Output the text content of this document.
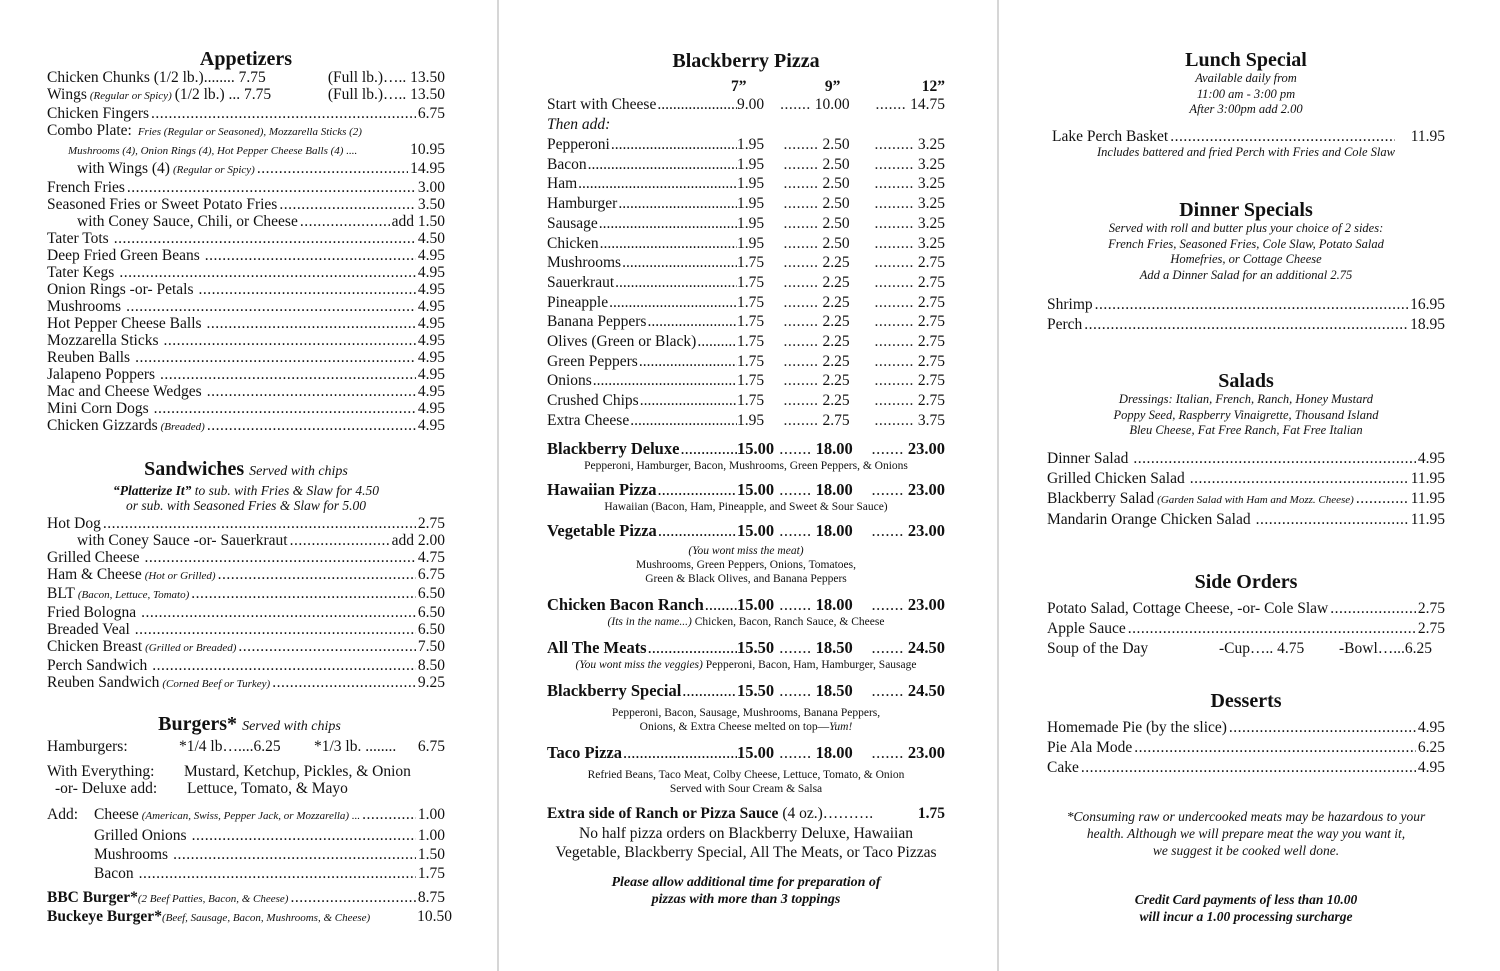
Appetizers
Chicken Chunks (1/2 lb.)........ 7.75	(Full lb.)….. 13.50
Wings (Regular or Spicy) (1/2 lb.) ... 7.75	(Full lb.)….. 13.50
Chicken Fingers .....	6.75
Combo Plate: Fries (Regular or Seasoned), Mozzarella Sticks (2)
Mushrooms (4), Onion Rings (4), Hot Pepper Cheese Balls (4) ....	10.95
with Wings (4) (Regular or Spicy) .....	14.95
French Fries .....	3.00
Seasoned Fries or Sweet Potato Fries .....	3.50
with Coney Sauce, Chili, or Cheese .....	add 1.50
Tater Tots .....	4.50
Deep Fried Green Beans .....	4.95
Tater Kegs .....	4.95
Onion Rings -or- Petals .....	4.95
Mushrooms .....	4.95
Hot Pepper Cheese Balls .....	4.95
Mozzarella Sticks .....	4.95
Reuben Balls .....	4.95
Jalapeno Poppers .....	4.95
Mac and Cheese Wedges .....	4.95
Mini Corn Dogs .....	4.95
Chicken Gizzards (Breaded) .....	4.95
Sandwiches Served with chips
“Platterize It” to sub. with Fries & Slaw for 4.50
or sub. with Seasoned Fries & Slaw for 5.00
Hot Dog .....	2.75
with Coney Sauce -or- Sauerkraut .....	add 2.00
Grilled Cheese .....	4.75
Ham & Cheese (Hot or Grilled) .....	6.75
BLT (Bacon, Lettuce, Tomato) .....	6.50
Fried Bologna .....	6.50
Breaded Veal .....	6.50
Chicken Breast (Grilled or Breaded) .....	7.50
Perch Sandwich .....	8.50
Reuben Sandwich (Corned Beef or Turkey) .....	9.25
Burgers* Served with chips
Hamburgers:	*1/4 lb…....6.25	*1/3 lb. ........ 6.75
With Everything:	Mustard, Ketchup, Pickles, & Onion
-or- Deluxe add:	Lettuce, Tomato, & Mayo
Add: Cheese (American, Swiss, Pepper Jack, or Mozzarella) ... .....	1.00
Grilled Onions .....	1.00
Mushrooms .....	1.50
Bacon .....	1.75
BBC Burger* (2 Beef Patties, Bacon, & Cheese) .....	8.75
Buckeye Burger* (Beef, Sausage, Bacon, Mushrooms, & Cheese)	10.50
Blackberry Pizza
7”	9”	12”
Start with Cheese .....	9.00	....... 10.00	....... 14.75
Then add:
Pepperoni .....	1.95	........ 2.50	......... 3.25
Bacon .....	1.95	........ 2.50	......... 3.25
Ham .....	1.95	........ 2.50	......... 3.25
Hamburger .....	1.95	........ 2.50	......... 3.25
Sausage .....	1.95	........ 2.50	......... 3.25
Chicken .....	1.95	........ 2.50	......... 3.25
Mushrooms .....	1.75	........ 2.25	......... 2.75
Sauerkraut .....	1.75	........ 2.25	......... 2.75
Pineapple .....	1.75	........ 2.25	......... 2.75
Banana Peppers .....	1.75	........ 2.25	......... 2.75
Olives (Green or Black) .....	1.75	........ 2.25	......... 2.75
Green Peppers .....	1.75	........ 2.25	......... 2.75
Onions .....	1.75	........ 2.25	......... 2.75
Crushed Chips .....	1.75	........ 2.25	......... 2.75
Extra Cheese .....	1.95	........ 2.75	......... 3.75
Blackberry Deluxe .....	15.00 ....... 18.00	....... 23.00
Pepperoni, Hamburger, Bacon, Mushrooms, Green Peppers, & Onions
Hawaiian Pizza .....	15.00 ....... 18.00	....... 23.00
Hawaiian (Bacon, Ham, Pineapple, and Sweet & Sour Sauce)
Vegetable Pizza .....	15.00 ....... 18.00	....... 23.00
(You wont miss the meat)
Mushrooms, Green Peppers, Onions, Tomatoes,
Green & Black Olives, and Banana Peppers
Chicken Bacon Ranch ..... 15.00 ....... 18.00	....... 23.00
(Its in the name...) Chicken, Bacon, Ranch Sauce, & Cheese
All The Meats .....	15.50 ....... 18.50	....... 24.50
(You wont miss the veggies) Pepperoni, Bacon, Ham, Hamburger, Sausage
Blackberry Special .....	15.50 ....... 18.50	....... 24.50
Pepperoni, Bacon, Sausage, Mushrooms, Banana Peppers,
Onions, & Extra Cheese melted on top—Yum!
Taco Pizza .....	15.00 ....... 18.00	....... 23.00
Refried Beans, Taco Meat, Colby Cheese, Lettuce, Tomato, & Onion
Served with Sour Cream & Salsa
Extra side of Ranch or Pizza Sauce (4 oz.)……….	1.75
No half pizza orders on Blackberry Deluxe, Hawaiian
Vegetable, Blackberry Special, All The Meats, or Taco Pizzas
Please allow additional time for preparation of
pizzas with more than 3 toppings
Lunch Special
Available daily from
11:00 am - 3:00 pm
After 3:00pm add 2.00
Lake Perch Basket .....	11.95
Includes battered and fried Perch with Fries and Cole Slaw
Dinner Specials
Served with roll and butter plus your choice of 2 sides:
French Fries, Seasoned Fries, Cole Slaw, Potato Salad
Homefries, or Cottage Cheese
Add a Dinner Salad for an additional 2.75
Shrimp .....	16.95
Perch .....	18.95
Salads
Dressings: Italian, French, Ranch, Honey Mustard
Poppy Seed, Raspberry Vinaigrette, Thousand Island
Bleu Cheese, Fat Free Ranch, Fat Free Italian
Dinner Salad .....	4.95
Grilled Chicken Salad .....	11.95
Blackberry Salad (Garden Salad with Ham and Mozz. Cheese) .....	11.95
Mandarin Orange Chicken Salad .....	11.95
Side Orders
Potato Salad, Cottage Cheese, -or- Cole Slaw .....	2.75
Apple Sauce .....	2.75
Soup of the Day	-Cup….. 4.75	-Bowl…...6.25
Desserts
Homemade Pie (by the slice) .....	4.95
Pie Ala Mode .....	6.25
Cake .....	4.95
*Consuming raw or undercooked meats may be hazardous to your
health. Although we will prepare meat the way you want it,
we suggest it be cooked well done.
Credit Card payments of less than 10.00
will incur a 1.00 processing surcharge
